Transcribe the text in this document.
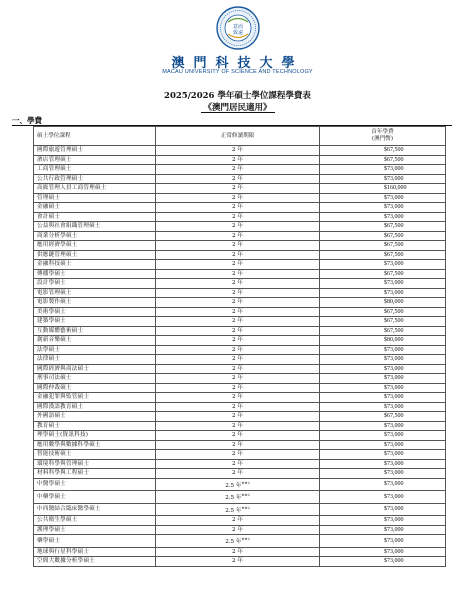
意而
致遠
澳門科技大學
MACAU UNIVERSITY OF SCIENCE AND TECHNOLOGY
2025/2026 學年碩士學位課程學費表
《澳門居民適用》
一、學費
碩士學位課程	正常修讀期限	首年學費
(澳門幣)
國際旅遊管理碩士	2 年	$67,500
酒店管理碩士	2 年	$67,500
工商管理碩士	2 年	$73,000
公共行政管理碩士	2 年	$73,000
高級管理人員工商管理碩士	2 年	$160,000
管理碩士	2 年	$73,000
金融碩士	2 年	$73,000
會計碩士	2 年	$73,000
公益與社會組織管理碩士	2 年	$67,500
商業分析學碩士	2 年	$67,500
應用經濟學碩士	2 年	$67,500
供應鏈管理碩士	2 年	$67,500
金融科技碩士	2 年	$73,000
傳播學碩士	2 年	$67,500
設計學碩士	2 年	$73,000
電影管理碩士	2 年	$73,000
電影製作碩士	2 年	$80,000
美術學碩士	2 年	$67,500
建築學碩士	2 年	$67,500
互動媒體藝術碩士	2 年	$67,500
創新音樂碩士	2 年	$80,000
法學碩士	2 年	$73,000
法律碩士	2 年	$73,000
國際經濟與商法碩士	2 年	$73,000
刑事司法碩士	2 年	$73,000
國際仲裁碩士	2 年	$73,000
金融犯罪與監管碩士	2 年	$73,000
國際漢語教育碩士	2 年	$73,000
外國語碩士	2 年	$67,500
教育碩士	2 年	$73,000
理學碩士(資訊科技)	2 年	$73,000
應用數學與數據科學碩士	2 年	$73,000
智能技術碩士	2 年	$73,000
環境科學與管理碩士	2 年	$73,000
材料科學與工程碩士	2 年	$73,000
中醫學碩士	2.5 年$^{※※2}$	$73,000
中藥學碩士	2.5 年$^{※※2}$	$73,000
中西醫結合臨床醫學碩士	2.5 年$^{※※2}$	$73,000
公共衛生學碩士	2 年	$73,000
護理學碩士	2 年	$73,000
藥學碩士	2.5 年$^{※※2}$	$73,000
地球與行星科學碩士	2 年	$73,000
空間大數據分析學碩士	2 年	$73,000
